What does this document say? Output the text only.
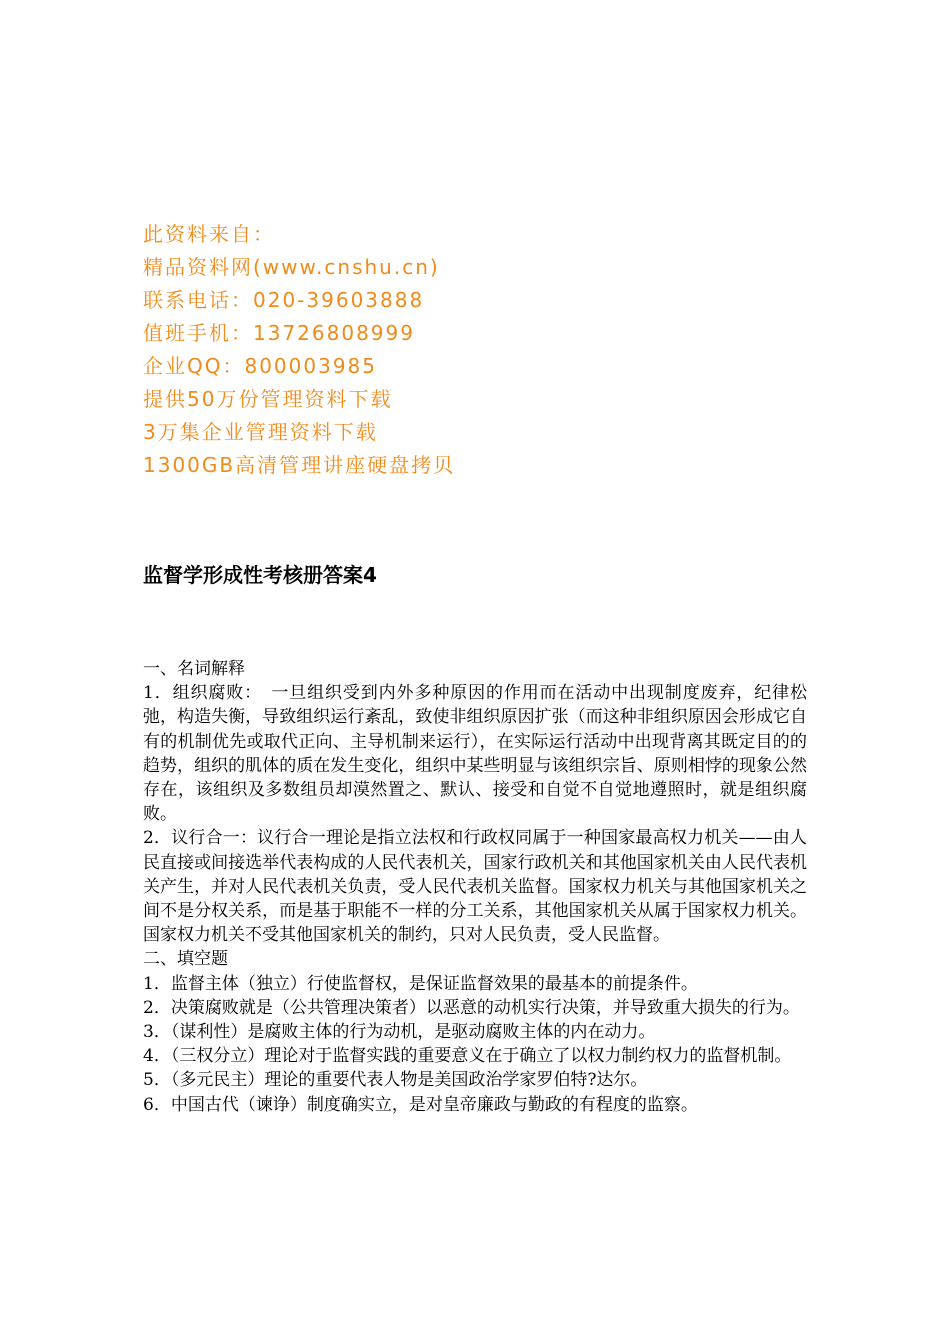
此资料来自：
精品资料网(www.cnshu.cn)
联系电话：020-39603888
值班手机：13726808999
企业QQ：800003985
提供50万份管理资料下载
3万集企业管理资料下载
1300GB高清管理讲座硬盘拷贝
监督学形成性考核册答案4

一、名词解释

1．组织腐败：　一旦组织受到内外多种原因的作用而在活动中出现制度废弃，纪律松弛，构造失衡，导致组织运行紊乱，致使非组织原因扩张（而这种非组织原因会形成它自有的机制优先或取代正向、主导机制来运行），在实际运行活动中出现背离其既定目的的趋势，组织的肌体的质在发生变化，组织中某些明显与该组织宗旨、原则相悖的现象公然存在，该组织及多数组员却漠然置之、默认、接受和自觉不自觉地遵照时，就是组织腐败。

2．议行合一：议行合一理论是指立法权和行政权同属于一种国家最高权力机关——由人民直接或间接选举代表构成的人民代表机关，国家行政机关和其他国家机关由人民代表机关产生，并对人民代表机关负责，受人民代表机关监督。国家权力机关与其他国家机关之间不是分权关系，而是基于职能不一样的分工关系，其他国家机关从属于国家权力机关。国家权力机关不受其他国家机关的制约，只对人民负责，受人民监督。

二、填空题

1．监督主体（独立）行使监督权，是保证监督效果的最基本的前提条件。

2．决策腐败就是（公共管理决策者）以恶意的动机实行决策，并导致重大损失的行为。

3．（谋利性）是腐败主体的行为动机，是驱动腐败主体的内在动力。

4．（三权分立）理论对于监督实践的重要意义在于确立了以权力制约权力的监督机制。

5．（多元民主）理论的重要代表人物是美国政治学家罗伯特?达尔。

6．中国古代（谏诤）制度确实立，是对皇帝廉政与勤政的有程度的监察。
